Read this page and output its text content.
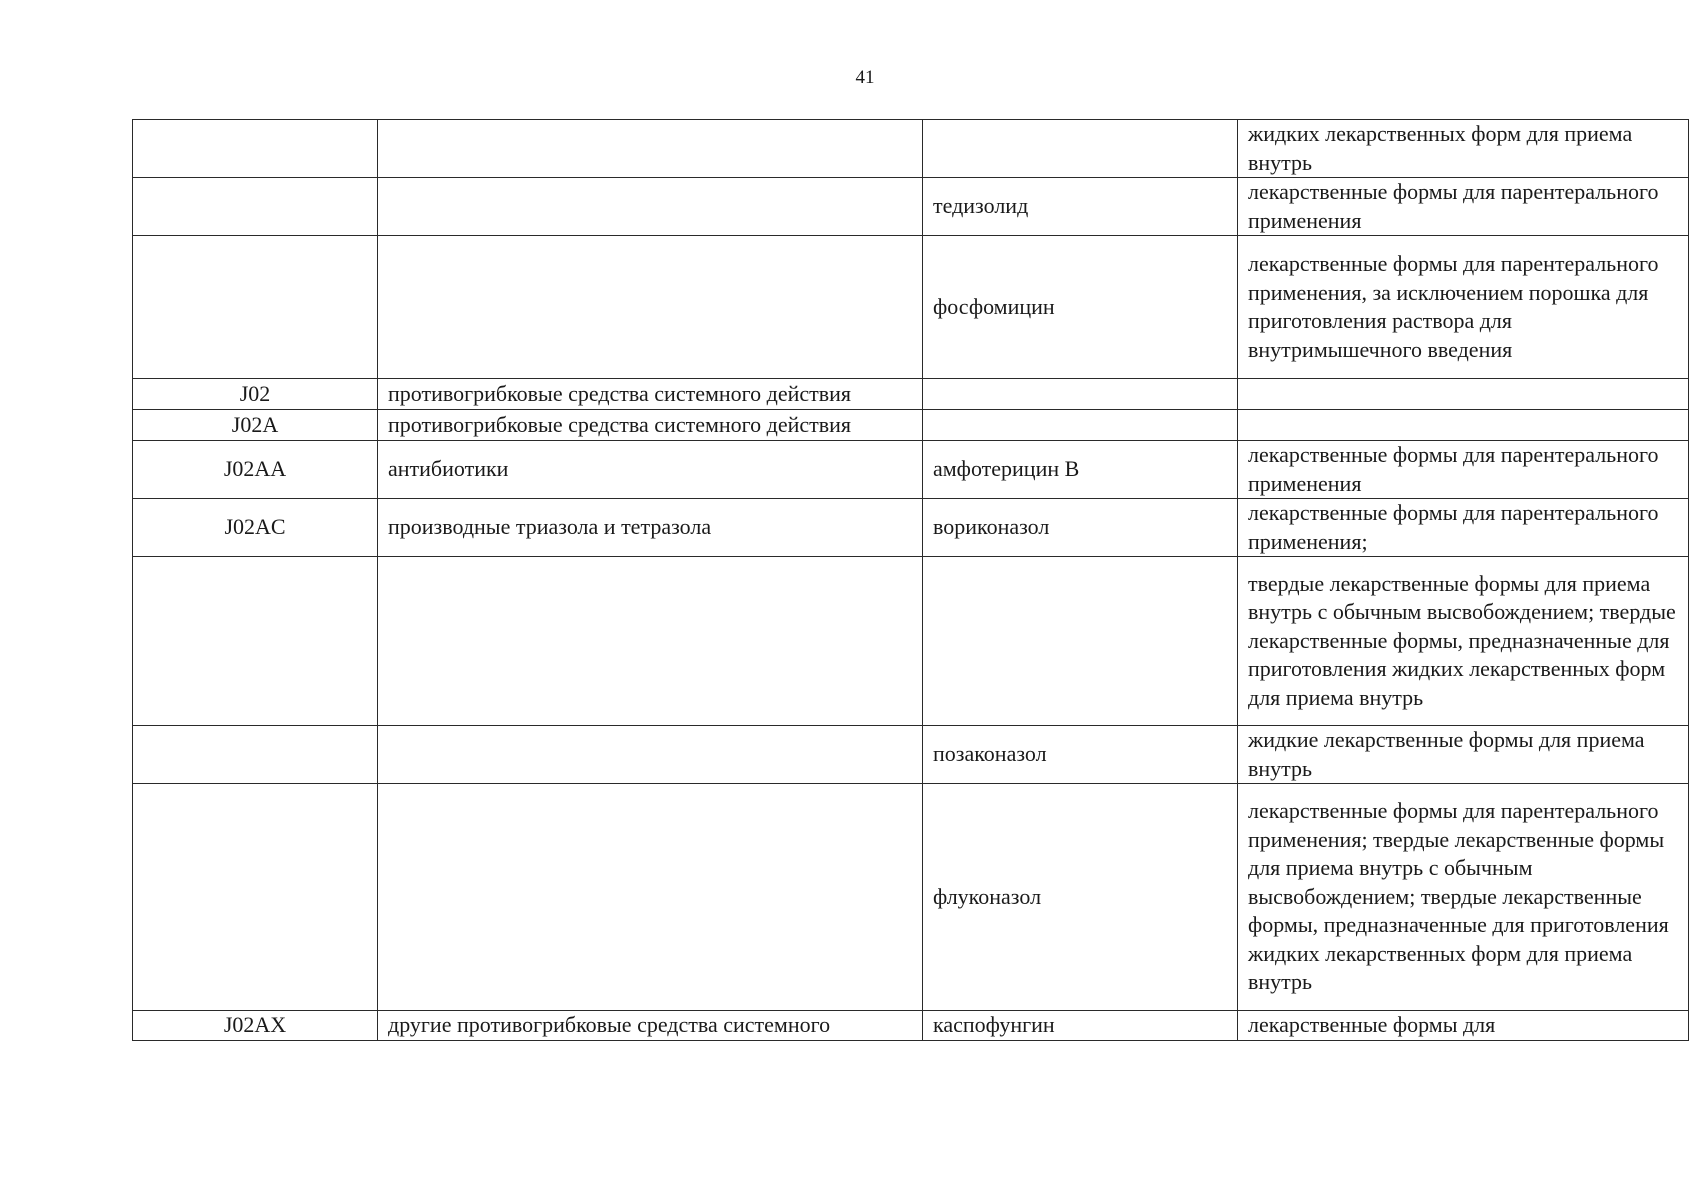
41
			жидких лекарственных форм для приема внутрь
		тедизолид	лекарственные формы для парентерального применения
		фосфомицин	лекарственные формы для парентерального применения, за исключением порошка для приготовления раствора для внутримышечного введения
J02	противогрибковые средства системного действия		
J02A	противогрибковые средства системного действия		
J02AA	антибиотики	амфотерицин B	лекарственные формы для парентерального применения
J02AC	производные триазола и тетразола	вориконазол	лекарственные формы для парентерального применения;
			твердые лекарственные формы для приема внутрь с обычным высвобождением; твердые лекарственные формы, предназначенные для приготовления жидких лекарственных форм для приема внутрь
		позаконазол	жидкие лекарственные формы для приема внутрь
		флуконазол	лекарственные формы для парентерального применения; твердые лекарственные формы для приема внутрь с обычным высвобождением; твердые лекарственные формы, предназначенные для приготовления жидких лекарственных форм для приема внутрь
J02AX	другие противогрибковые средства системного	каспофунгин	лекарственные формы для
